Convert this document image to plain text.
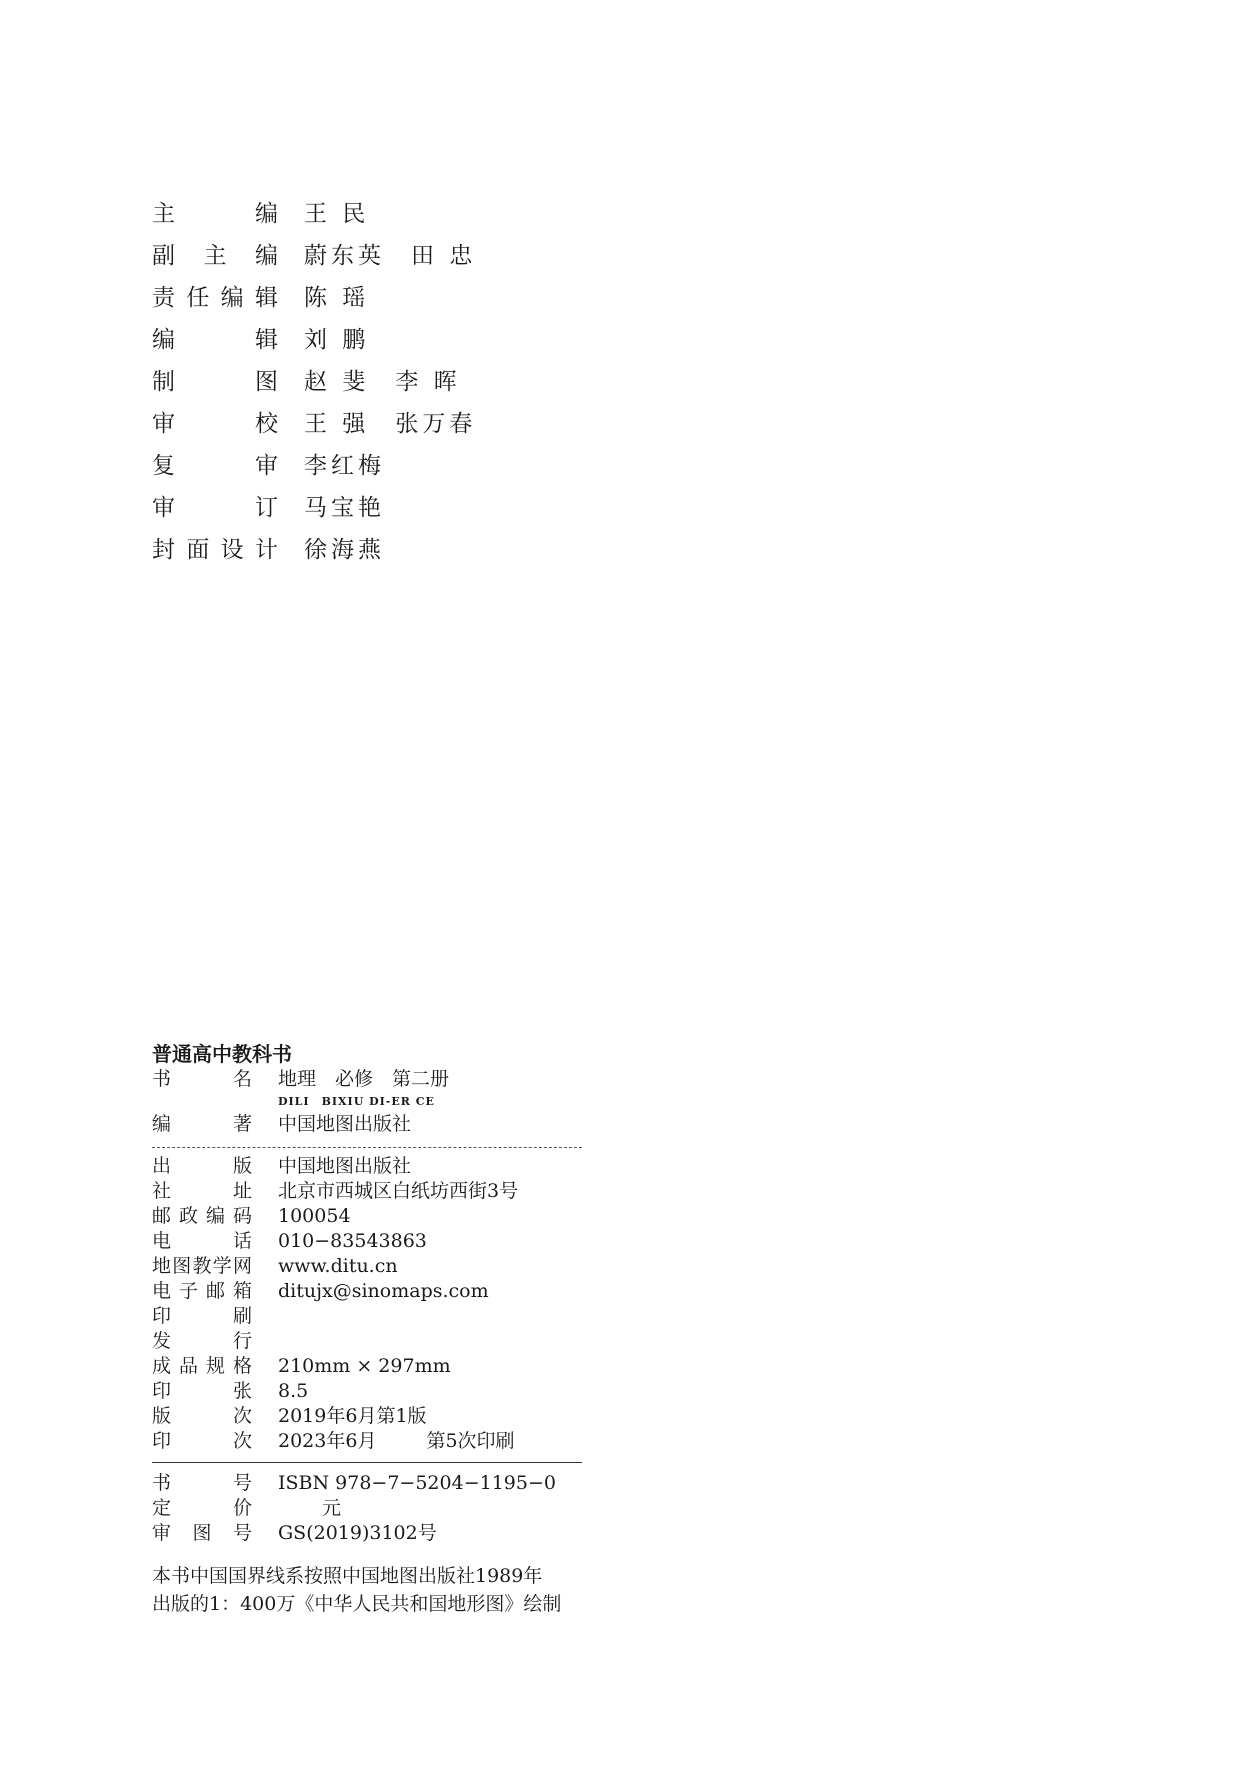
主	编 王 民
副 主 编 蔚东英 田 忠
责 任 编 辑 陈 瑶
编	辑 刘 鹏
制	图 赵 斐 李 晖
审	校 王 强 张万春
复	审 李红梅
审	订 马宝艳
封 面 设 计 徐海燕
普通高中教科书
书	名 地理　必修　第二册
DILI BIXIU DI-ER CE
编	著 中国地图出版社
出	版 中国地图出版社
社	址 北京市西城区白纸坊西街3号
邮 政 编 码 100054
电	话 010−83543863
地 图 教 学 网 www.ditu.cn
电 子 邮 箱 ditujx@sinomaps.com
印	刷
发	行
成 品 规 格 210mm × 297mm
印	张 8.5
版	次 2019年6月第1版
印	次 2023年6月	第5次印刷
书	号 ISBN 978−7−5204−1195−0
定	价	元
审 图 号 GS(2019)3102号
本书中国国界线系按照中国地图出版社1989年
出版的1：400万《中华人民共和国地形图》绘制
